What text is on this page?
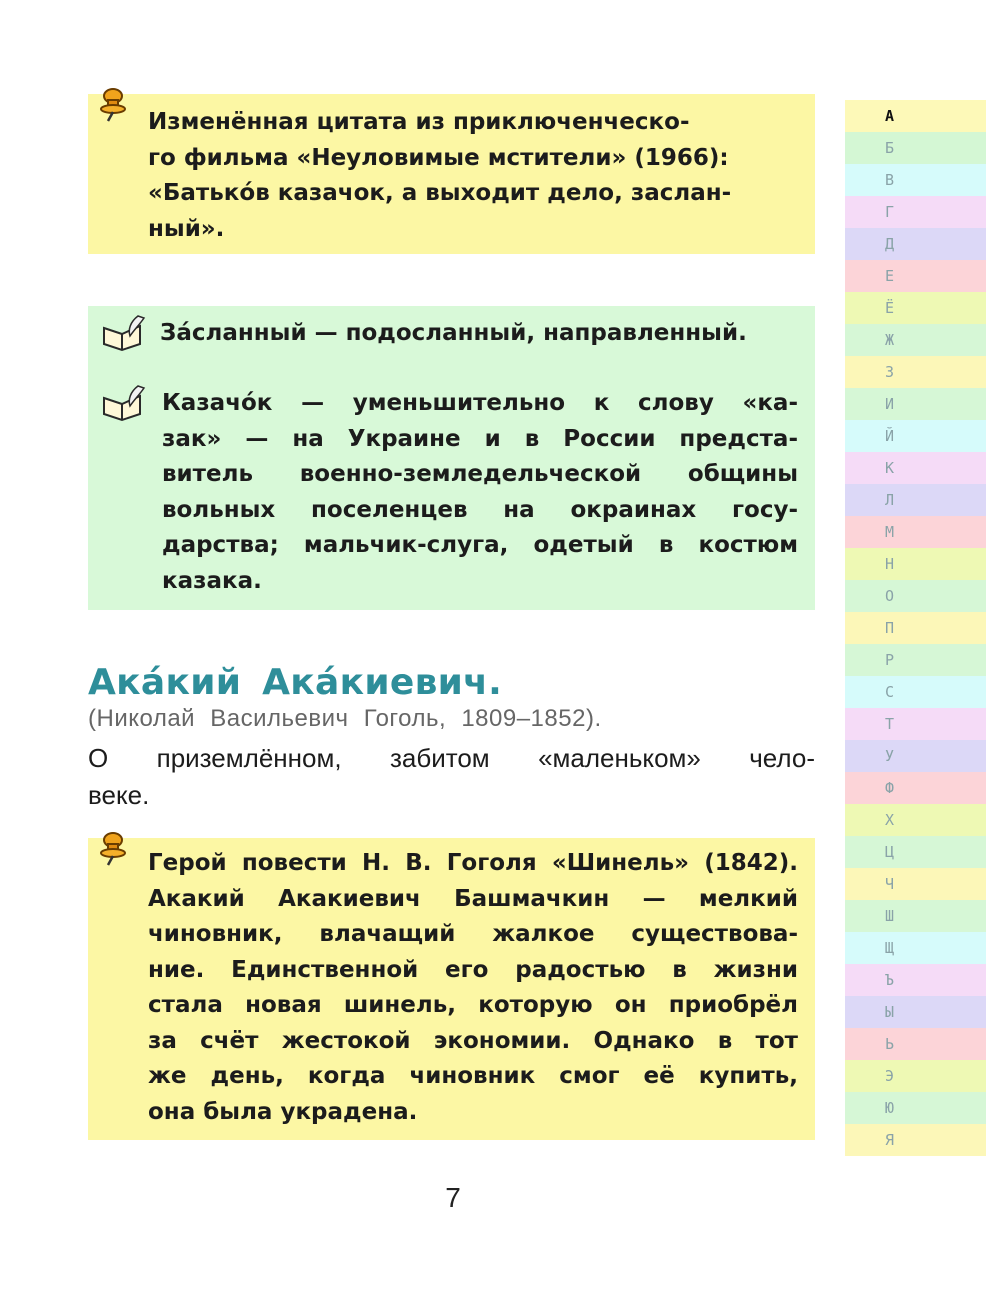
Изменённая цитата из приключенческо-
го фильма «Неуловимые мстители» (1966):
«Батько́в казачок, а выходит дело, заслан-
ный».
За́сланный — подосланный, направленный.
Казачо́к — уменьшительно к слову «ка-
зак» — на Украине и в России предста-
витель военно-земледельческой общины
вольных поселенцев на окраинах госу-
дарства; мальчик-слуга, одетый в костюм
казака.
Ака́кий Ака́киевич.
(Николай Васильевич Гоголь, 1809–1852).
О приземлённом, забитом «маленьком» чело-
веке.
Герой повести Н. В. Гоголя «Шинель» (1842).
Акакий Акакиевич Башмачкин — мелкий
чиновник, влачащий жалкое существова-
ние. Единственной его радостью в жизни
стала новая шинель, которую он приобрёл
за счёт жестокой экономии. Однако в тот
же день, когда чиновник смог её купить,
она была украдена.
7
А
Б
В
Г
Д
Е
Ё
Ж
З
И
Й
К
Л
М
Н
О
П
Р
С
Т
У
Ф
Х
Ц
Ч
Ш
Щ
Ъ
Ы
Ь
Э
Ю
Я
